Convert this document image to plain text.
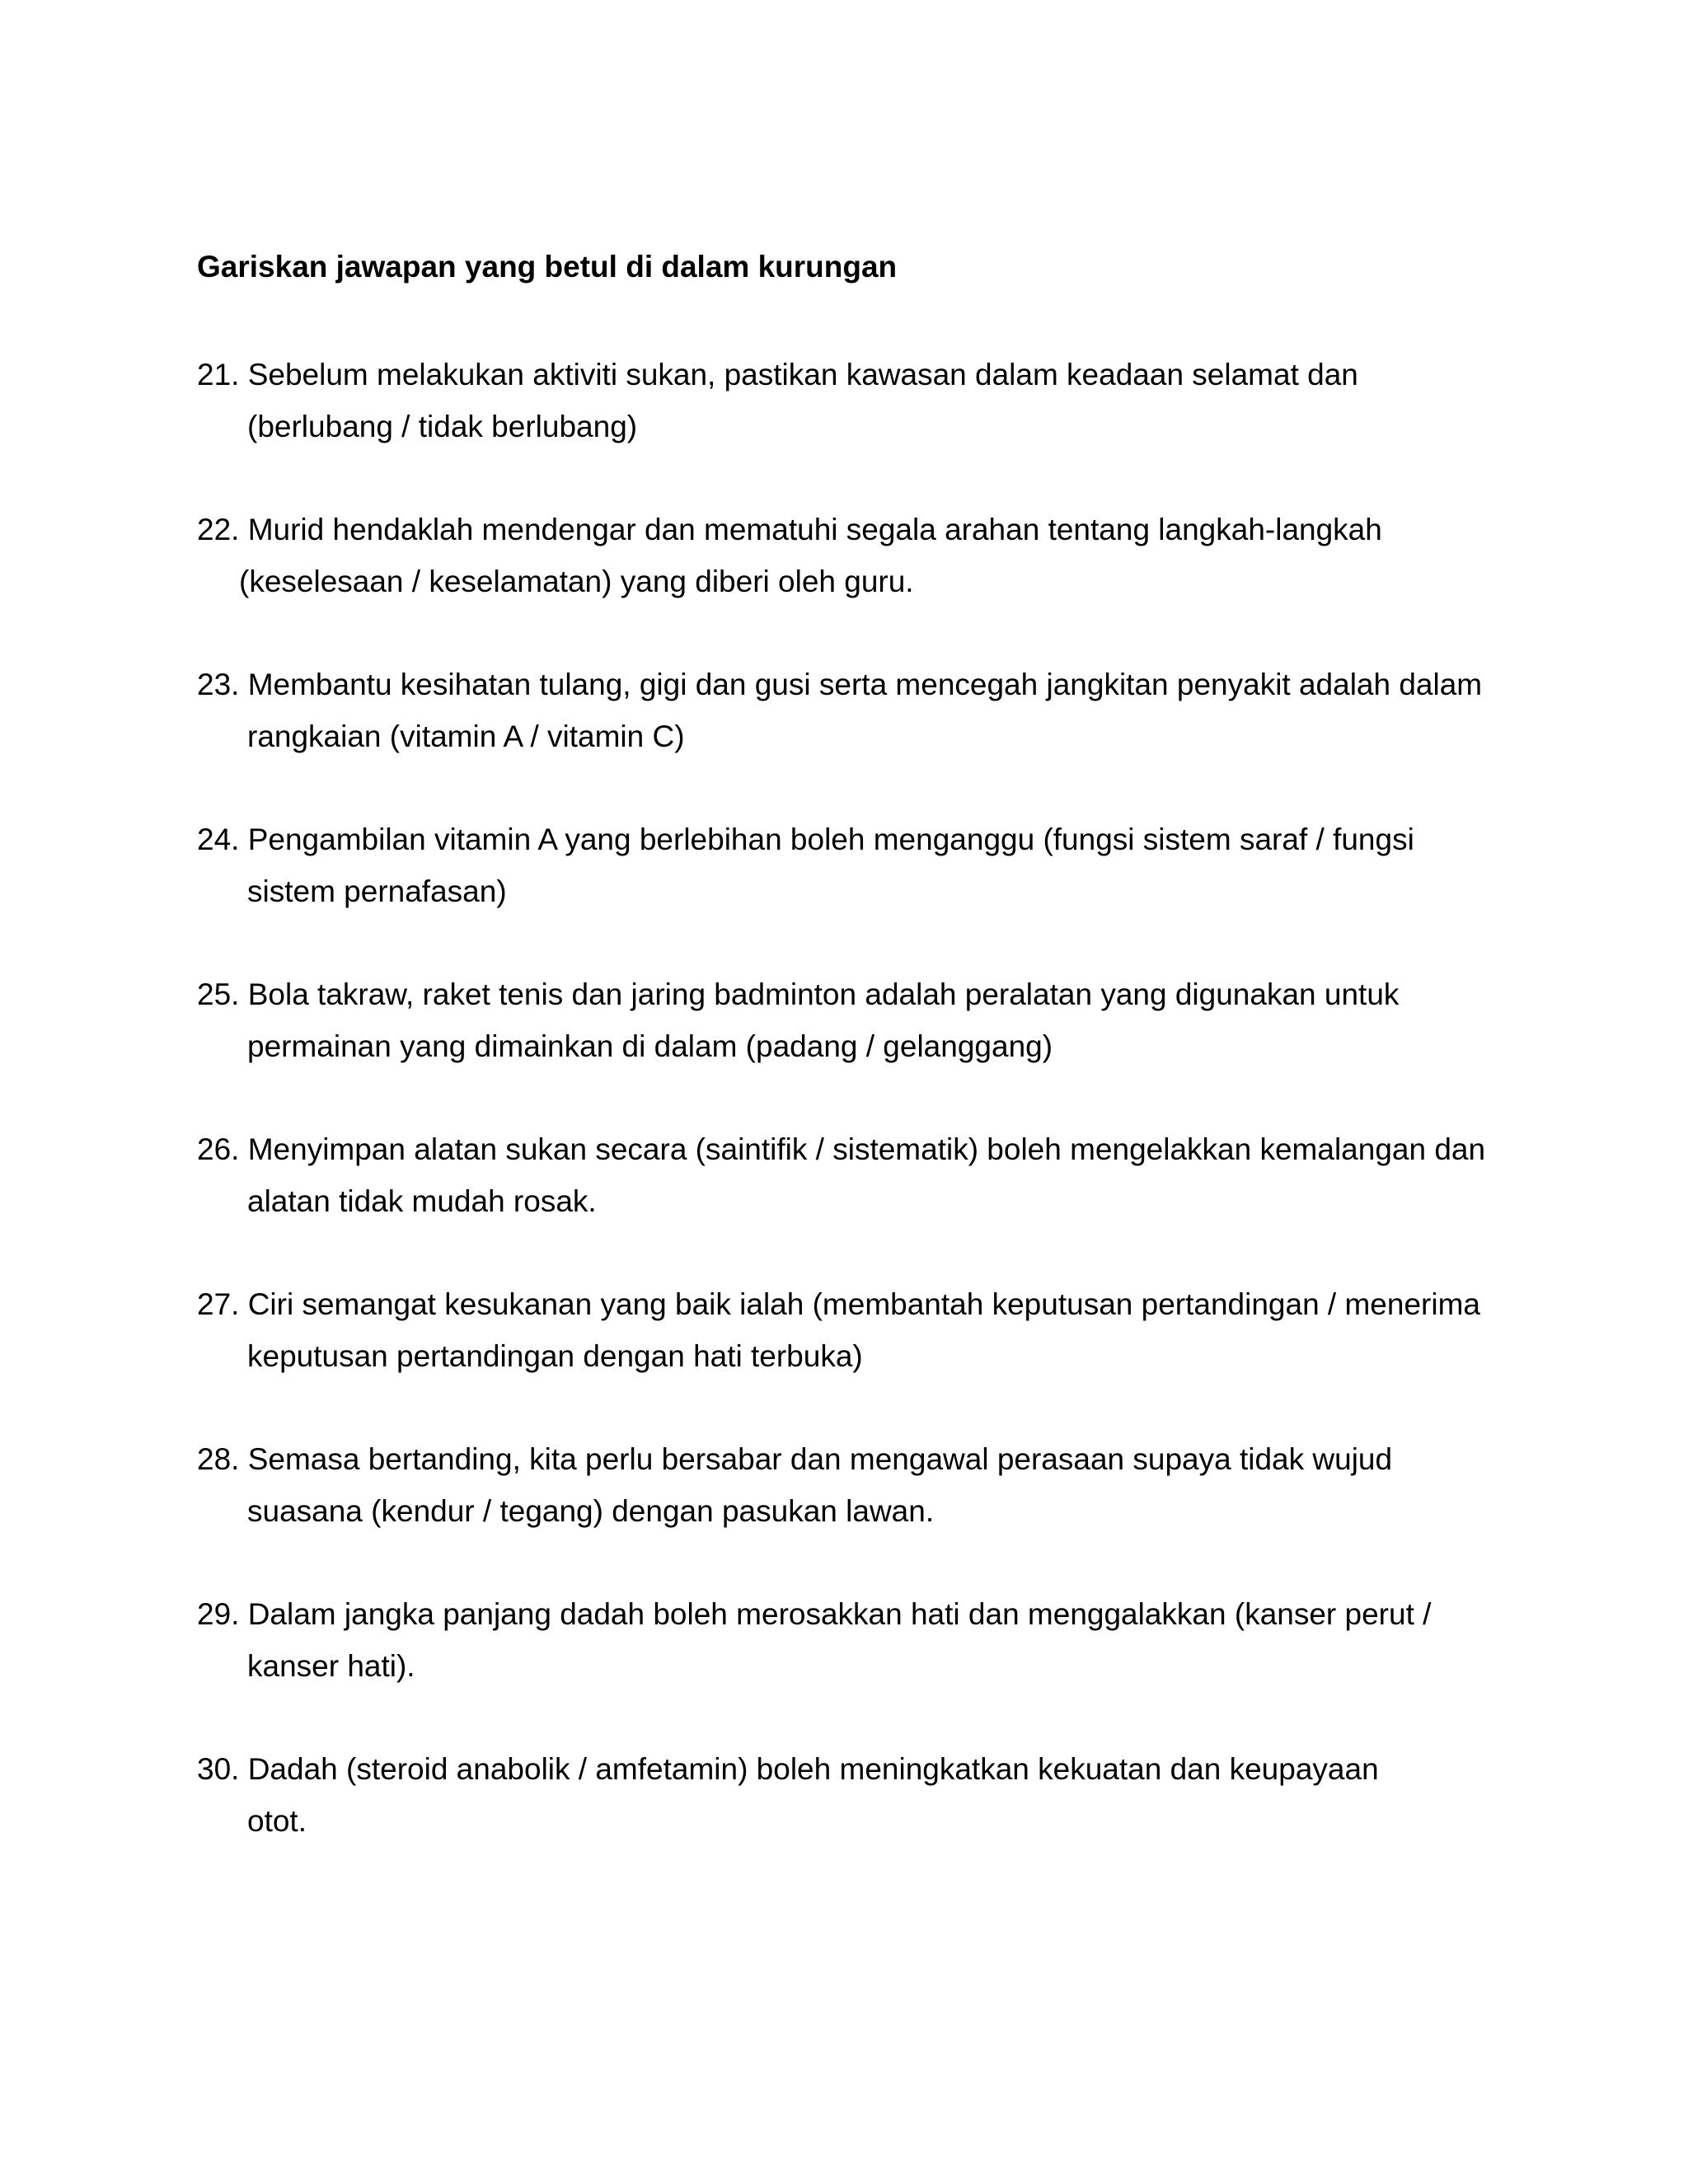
Gariskan jawapan yang betul di dalam kurungan
21. Sebelum melakukan aktiviti sukan, pastikan kawasan dalam keadaan selamat dan
(berlubang / tidak berlubang)
22. Murid hendaklah mendengar dan mematuhi segala arahan tentang langkah-langkah
(keselesaan / keselamatan) yang diberi oleh guru.
23. Membantu kesihatan tulang, gigi dan gusi serta mencegah jangkitan penyakit adalah dalam
rangkaian (vitamin A / vitamin C)
24. Pengambilan vitamin A yang berlebihan boleh menganggu (fungsi sistem saraf / fungsi
sistem pernafasan)
25. Bola takraw, raket tenis dan jaring badminton adalah peralatan yang digunakan untuk
permainan yang dimainkan di dalam (padang / gelanggang)
26. Menyimpan alatan sukan secara (saintifik / sistematik) boleh mengelakkan kemalangan dan
alatan tidak mudah rosak.
27. Ciri semangat kesukanan yang baik ialah (membantah keputusan pertandingan / menerima
keputusan pertandingan dengan hati terbuka)
28. Semasa bertanding, kita perlu bersabar dan mengawal perasaan supaya tidak wujud
suasana (kendur / tegang) dengan pasukan lawan.
29. Dalam jangka panjang dadah boleh merosakkan hati dan menggalakkan (kanser perut /
kanser hati).
30. Dadah (steroid anabolik / amfetamin) boleh meningkatkan kekuatan dan keupayaan
otot.
